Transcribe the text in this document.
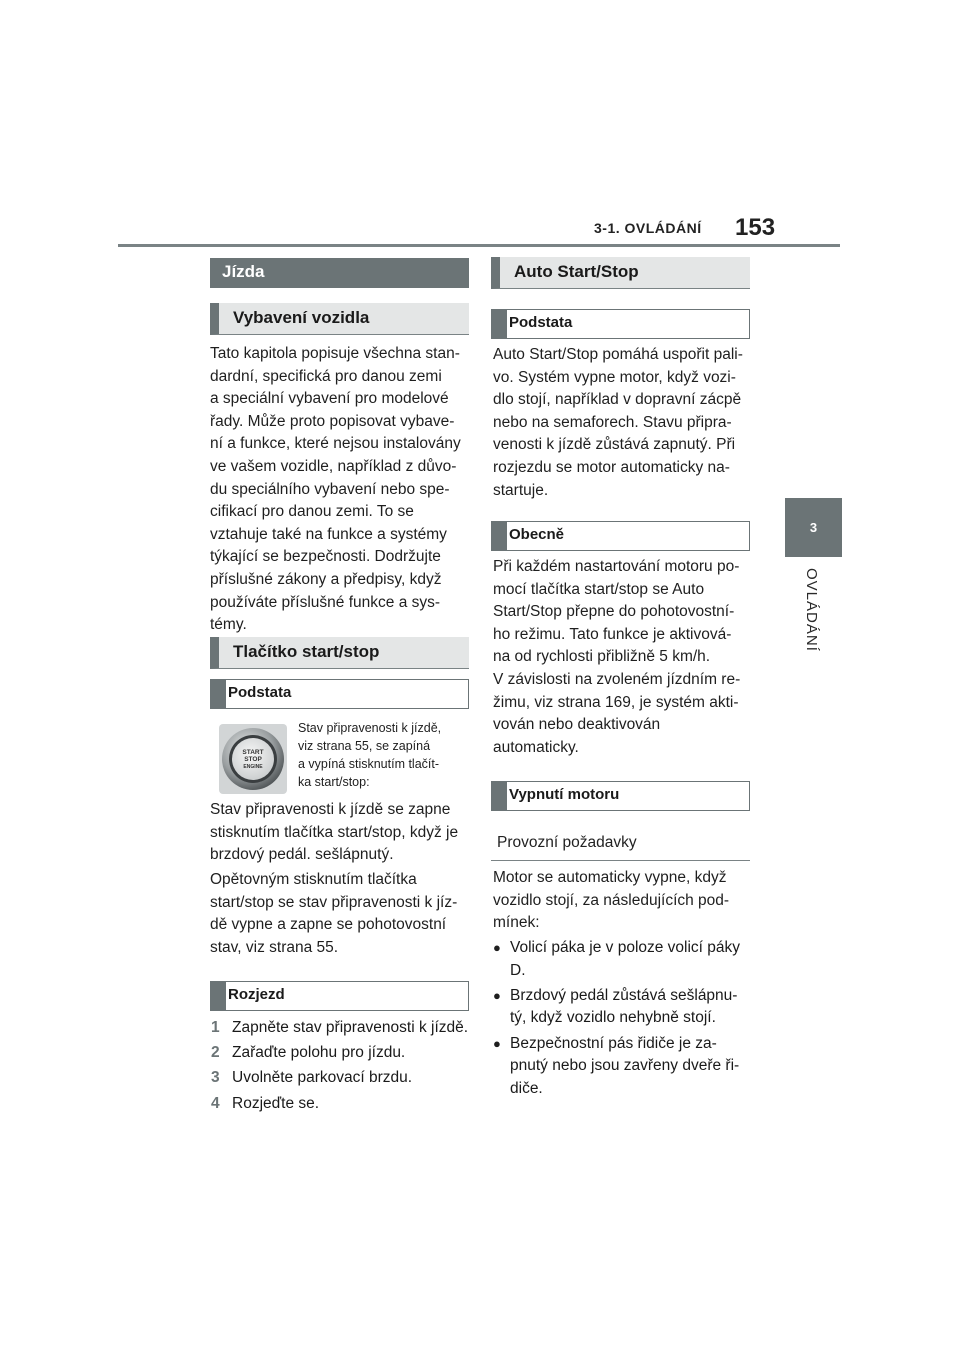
3-1. OVLÁDÁNÍ 153
3
OVLÁDÁNÍ
Jízda
Vybavení vozidla
Tato kapitola popisuje všechna stan-
dardní, specifická pro danou zemi
a speciální vybavení pro modelové
řady. Může proto popisovat vybave-
ní a funkce, které nejsou instalovány
ve vašem vozidle, například z důvo-
du speciálního vybavení nebo spe-
cifikací pro danou zemi. To se
vztahuje také na funkce a systémy
týkající se bezpečnosti. Dodržujte
příslušné zákony a předpisy, když
používáte příslušné funkce a sys-
témy.
Tlačítko start/stop
Podstata
START
STOP
ENGINE
Stav připravenosti k jízdě,
viz strana 55, se zapíná
a vypíná stisknutím tlačít-
ka start/stop:
Stav připravenosti k jízdě se zapne
stisknutím tlačítka start/stop, když je
brzdový pedál. sešlápnutý.
Opětovným stisknutím tlačítka
start/stop se stav připravenosti k jíz-
dě vypne a zapne se pohotovostní
stav, viz strana 55.
Rozjezd
1 Zapněte stav připravenosti k jízdě.
2 Zařaďte polohu pro jízdu.
3 Uvolněte parkovací brzdu.
4 Rozjeďte se.
Auto Start/Stop
Podstata
Auto Start/Stop pomáhá uspořit pali-
vo. Systém vypne motor, když vozi-
dlo stojí, například v dopravní zácpě
nebo na semaforech. Stavu připra-
venosti k jízdě zůstává zapnutý. Při
rozjezdu se motor automaticky na-
startuje.
Obecně
Při každém nastartování motoru po-
mocí tlačítka start/stop se Auto
Start/Stop přepne do pohotovostní-
ho režimu. Tato funkce je aktivová-
na od rychlosti přibližně 5 km/h.
V závislosti na zvoleném jízdním re-
žimu, viz strana 169, je systém akti-
vován nebo deaktivován
automaticky.
Vypnutí motoru
Provozní požadavky
Motor se automaticky vypne, když
vozidlo stojí, za následujících pod-
mínek:
● Volicí páka je v poloze volicí páky
D.
● Brzdový pedál zůstává sešlápnu-
tý, když vozidlo nehybně stojí.
● Bezpečnostní pás řidiče je za-
pnutý nebo jsou zavřeny dveře ři-
diče.
